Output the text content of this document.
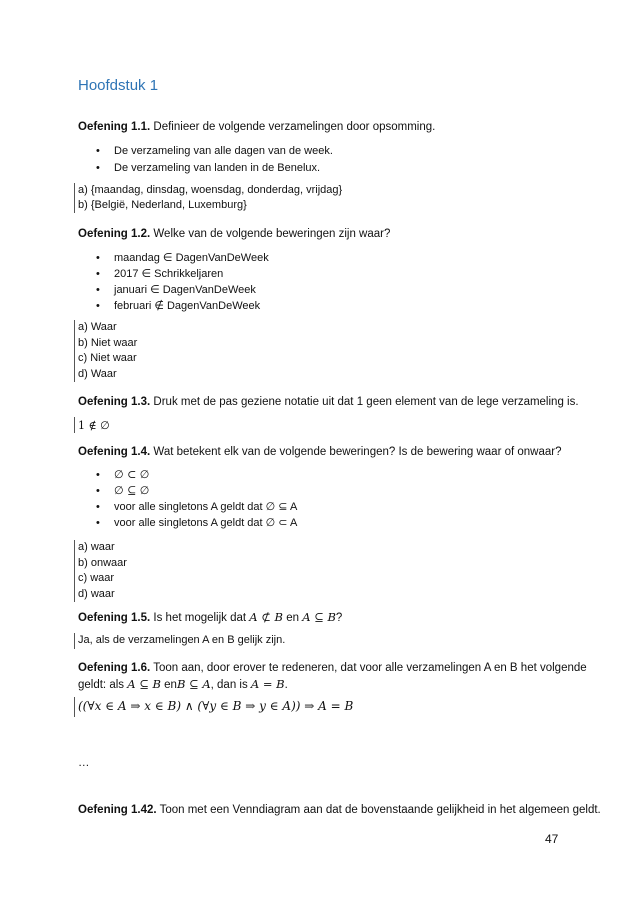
Hoofdstuk 1
Oefening 1.1. Definieer de volgende verzamelingen door opsomming.
• De verzameling van alle dagen van de week.
• De verzameling van landen in de Benelux.
a) {maandag, dinsdag, woensdag, donderdag, vrijdag}
b) {België, Nederland, Luxemburg}
Oefening 1.2. Welke van de volgende beweringen zijn waar?
• maandag ∈ DagenVanDeWeek
• 2017 ∈ Schrikkeljaren
• januari ∈ DagenVanDeWeek
• februari ∉ DagenVanDeWeek
a) Waar
b) Niet waar
c) Niet waar
d) Waar
Oefening 1.3. Druk met de pas geziene notatie uit dat 1 geen element van de lege verzameling is.
1 ∉ ∅
Oefening 1.4. Wat betekent elk van de volgende beweringen? Is de bewering waar of onwaar?
• ∅ ⊂ ∅
• ∅ ⊆ ∅
• voor alle singletons A geldt dat ∅ ⊆ A
• voor alle singletons A geldt dat ∅ ⊂ A
a) waar
b) onwaar
c) waar
d) waar
Oefening 1.5. Is het mogelijk dat A ⊄ B en A ⊆ B?
Ja, als de verzamelingen A en B gelijk zijn.
Oefening 1.6. Toon aan, door erover te redeneren, dat voor alle verzamelingen A en B het volgende
geldt: als A ⊆ B enB ⊆ A, dan is A = B.
((∀x ∈ A ⇒ x ∈ B) ∧ (∀y ∈ B ⇒ y ∈ A)) ⇒ A = B
…
Oefening 1.42. Toon met een Venndiagram aan dat de bovenstaande gelijkheid in het algemeen geldt.
47
